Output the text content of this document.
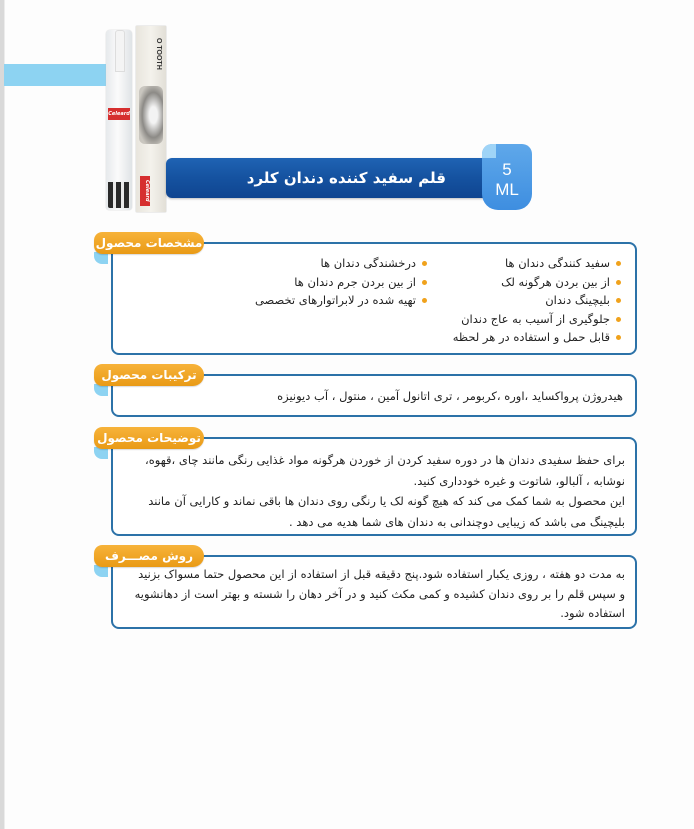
Celeard
O TOOTH
Celeard
قلم سفید کننده دندان کلرد	5
ML
سفید کنندگی دندان ها
از بین بردن هرگونه لک
بلیچینگ دندان
جلوگیری از آسیب به عاج دندان
قابل حمل و استفاده در هر لحظه
درخشندگی دندان ها
از بین بردن جرم دندان ها
تهیه شده در لابراتوارهای تخصصی
مشخصات محصول
هیدروژن پرواکساید ،اوره ،کربومر ، تری اتانول آمین ، منتول ، آب دیونیزه
ترکیبات محصول
برای حفظ سفیدی دندان ها در دوره سفید کردن از خوردن هرگونه مواد غذایی رنگی مانند چای ،قهوه،
نوشابه ، آلبالو، شاتوت و غیره خودداری کنید.
این محصول به شما کمک می کند که هیچ گونه لک یا رنگی روی دندان ها باقی نماند و کارایی آن مانند
بلیچینگ می باشد که زیبایی دوچندانی به دندان های شما هدیه می دهد .
توضیحات محصول
به مدت دو هفته ، روزی یکبار استفاده شود.پنج دقیقه قبل از استفاده از این محصول حتما مسواک بزنید
و سپس قلم را بر روی دندان کشیده و کمی مکث کنید و در آخر دهان را شسته و بهتر است از دهانشویه
استفاده شود.
روش مصـــرف
